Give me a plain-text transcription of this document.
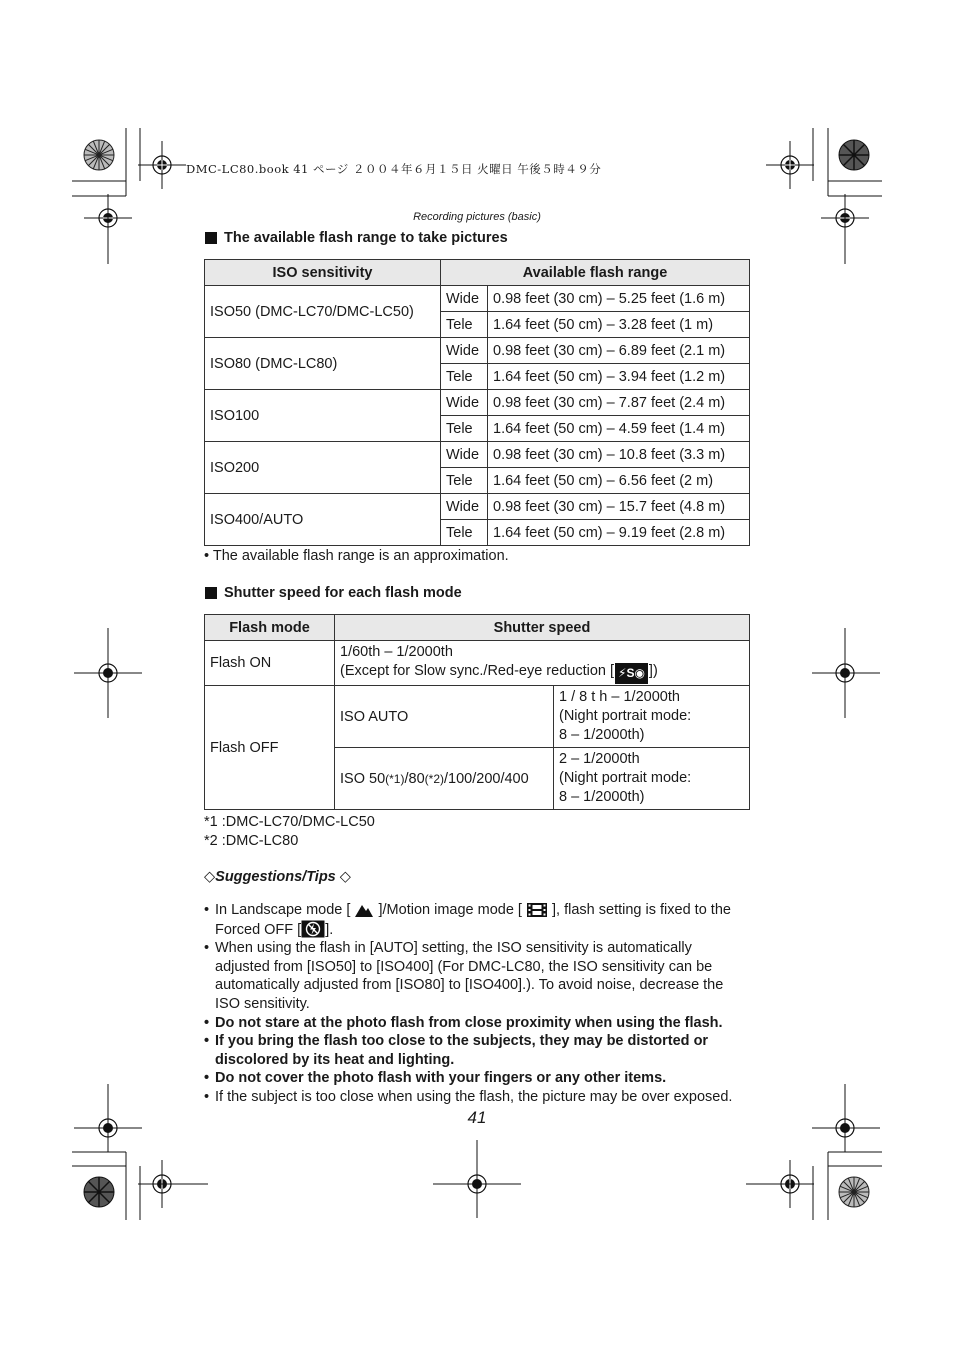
DMC-LC80.book 41 ページ ２００４年６月１５日 火曜日 午後５時４９分
Recording pictures (basic)
The available flash range to take pictures
ISO sensitivity	Available flash range	
ISO50 (DMC-LC70/DMC-LC50)	Wide	0.98 feet (30 cm) – 5.25 feet (1.6 m)
	Tele	1.64 feet (50 cm) – 3.28 feet (1 m)
ISO80 (DMC-LC80)	Wide	0.98 feet (30 cm) – 6.89 feet (2.1 m)
	Tele	1.64 feet (50 cm) – 3.94 feet (1.2 m)
ISO100	Wide	0.98 feet (30 cm) – 7.87 feet (2.4 m)
	Tele	1.64 feet (50 cm) – 4.59 feet (1.4 m)
ISO200	Wide	0.98 feet (30 cm) – 10.8 feet (3.3 m)
	Tele	1.64 feet (50 cm) – 6.56 feet (2 m)
ISO400/AUTO	Wide	0.98 feet (30 cm) – 15.7 feet (4.8 m)
	Tele	1.64 feet (50 cm) – 9.19 feet (2.8 m)
• The available flash range is an approximation.
Shutter speed for each flash mode
Flash mode	Shutter speed	
Flash ON	1/60th – 1/2000th
(Except for Slow sync./Red-eye reduction [ ⚡S◉ ])	

Flash OFF	ISO AUTO	1 / 8 t h – 1/2000th
(Night portrait mode:
8 – 1/2000th)

	ISO 50(*1)/80(*2)/100/200/400	2 – 1/2000th
(Night portrait mode:
8 – 1/2000th)
*1 :DMC-LC70/DMC-LC50
*2 :DMC-LC80
◇Suggestions/Tips ◇
• In Landscape mode [ ]/Motion image mode [ ], flash setting is fixed to the Forced OFF [ ].
• When using the flash in [AUTO] setting, the ISO sensitivity is automatically adjusted from [ISO50] to [ISO400] (For DMC-LC80, the ISO sensitivity can be automatically adjusted from [ISO80] to [ISO400].). To avoid noise, decrease the ISO sensitivity.
• Do not stare at the photo flash from close proximity when using the flash.
• If you bring the flash too close to the subjects, they may be distorted or discolored by its heat and lighting.
• Do not cover the photo flash with your fingers or any other items.
• If the subject is too close when using the flash, the picture may be over exposed.
41
